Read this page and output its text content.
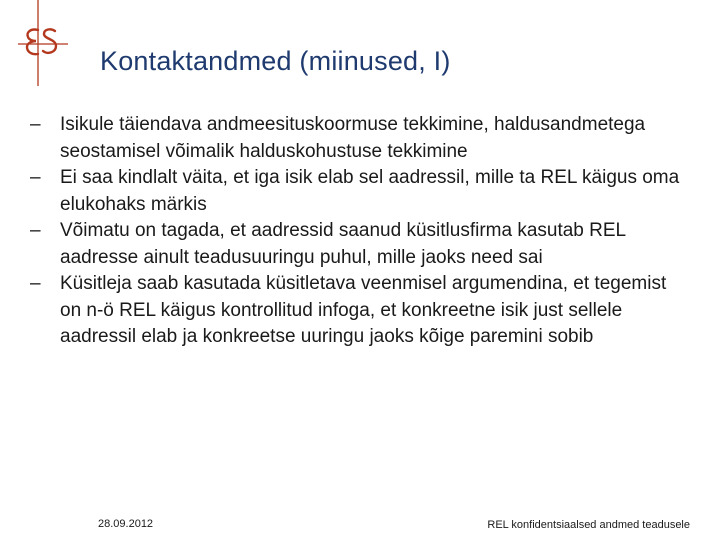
Kontaktandmed (miinused, I)
– Isikule täiendava andmeesituskoormuse tekkimine, haldusandmetega seostamisel võimalik halduskohustuse tekkimine
– Ei saa kindlalt väita, et iga isik elab sel aadressil, mille ta REL käigus oma elukohaks märkis
– Võimatu on tagada, et aadressid saanud küsitlusfirma kasutab REL aadresse ainult teadusuuringu puhul, mille jaoks need sai
– Küsitleja saab kasutada küsitletava veenmisel argumendina, et tegemist on n-ö REL käigus kontrollitud infoga, et konkreetne isik just sellele aadressil elab ja konkreetse uuringu jaoks kõige paremini sobib
28.09.2012	REL konfidentsiaalsed andmed teadusele
